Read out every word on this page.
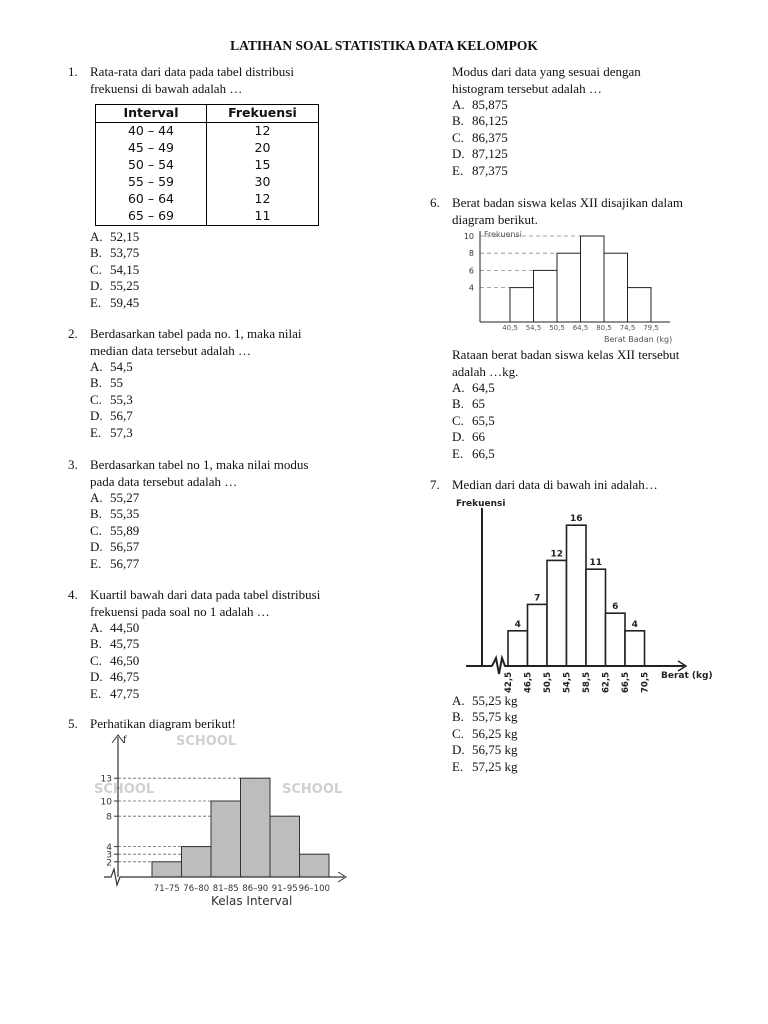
LATIHAN SOAL STATISTIKA DATA KELOMPOK
1. Rata-rata dari data pada tabel distribusi
frekuensi di bawah adalah …
Interval	Frekuensi
40 – 44	12
45 – 49	20
50 – 54	15
55 – 59	30
60 – 64	12
65 – 69	11
A. 52,15
B. 53,75
C. 54,15
D. 55,25
E. 59,45
2. Berdasarkan tabel pada no. 1, maka nilai
median data tersebut adalah …
A. 54,5
B. 55
C. 55,3
D. 56,7
E. 57,3
3. Berdasarkan tabel no 1, maka nilai modus
pada data tersebut adalah …
A. 55,27
B. 55,35
C. 55,89
D. 56,57
E. 56,77
4. Kuartil bawah dari data pada tabel distribusi
frekuensi pada soal no 1 adalah …
A. 44,50
B. 45,75
C. 46,50
D. 46,75
E. 47,75
5. Perhatikan diagram berikut!
SCHOOL	SCHOOL
SCHOOL
2
3
4
8
10
13
71–75 76–80 81–85 86–90 91–95 96–100
f
Kelas Interval
Modus dari data yang sesuai dengan
histogram tersebut adalah …
A. 85,875
B. 86,125
C. 86,375
D. 87,125
E. 87,375
6. Berat badan siswa kelas XII disajikan dalam
diagram berikut.
4
6
8
10
40,5 54,5 50,5 64,5 80,5 74,5 79,5
Frekuensi
Berat Badan (kg)
Rataan berat badan siswa kelas XII tersebut
adalah …kg.
A. 64,5
B. 65
C. 65,5
D. 66
E. 66,5
7. Median dari data di bawah ini adalah…
4
7
12
16
11
6
4
42,5 46,5 50,5 54,5 58,5 62,5 66,5 70,5
Frekuensi
Berat (kg)
A. 55,25 kg
B. 55,75 kg
C. 56,25 kg
D. 56,75 kg
E. 57,25 kg
